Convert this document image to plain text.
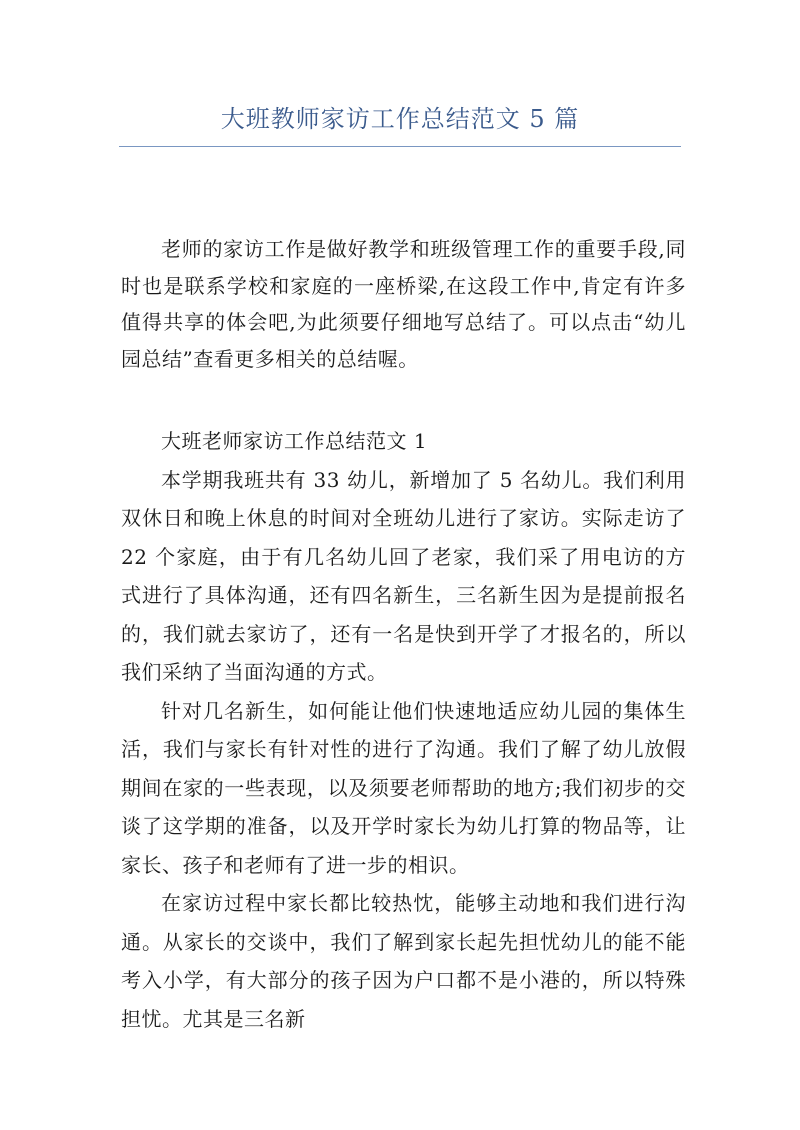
大班教师家访工作总结范文 5 篇

老师的家访工作是做好教学和班级管理工作的重要手段,同时也是联系学校和家庭的一座桥梁,在这段工作中,肯定有许多值得共享的体会吧,为此须要仔细地写总结了。可以点击“幼儿园总结”查看更多相关的总结喔。

大班老师家访工作总结范文 1

本学期我班共有 33 幼儿，新增加了 5 名幼儿。我们利用双休日和晚上休息的时间对全班幼儿进行了家访。实际走访了 22 个家庭，由于有几名幼儿回了老家，我们采了用电访的方式进行了具体沟通，还有四名新生，三名新生因为是提前报名的，我们就去家访了，还有一名是快到开学了才报名的，所以我们采纳了当面沟通的方式。

针对几名新生，如何能让他们快速地适应幼儿园的集体生活，我们与家长有针对性的进行了沟通。我们了解了幼儿放假期间在家的一些表现，以及须要老师帮助的地方;我们初步的交谈了这学期的准备，以及开学时家长为幼儿打算的物品等，让家长、孩子和老师有了进一步的相识。

在家访过程中家长都比较热忱，能够主动地和我们进行沟通。从家长的交谈中，我们了解到家长起先担忧幼儿的能不能考入小学，有大部分的孩子因为户口都不是小港的，所以特殊担忧。尤其是三名新
